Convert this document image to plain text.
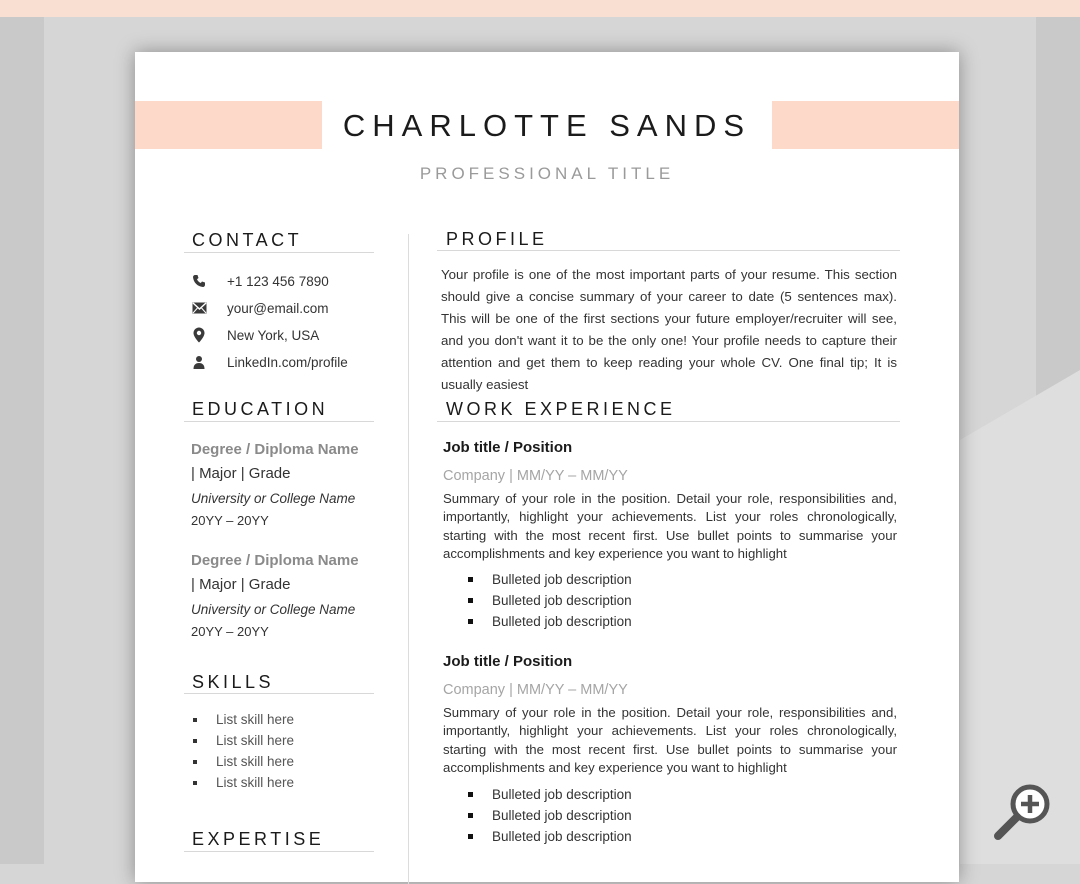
CHARLOTTE SANDS
PROFESSIONAL TITLE
CONTACT
+1 123 456 7890
your@email.com
New York, USA
LinkedIn.com/profile
EDUCATION
Degree / Diploma Name
| Major | Grade
University or College Name
20YY – 20YY
Degree / Diploma Name
| Major | Grade
University or College Name
20YY – 20YY
SKILLS
List skill here
List skill here
List skill here
List skill here
EXPERTISE
PROFILE
Your profile is one of the most important parts of your resume. This section should give a concise summary of your career to date (5 sentences max). This will be one of the first sections your future employer/recruiter will see, and you don't want it to be the only one! Your profile needs to capture their attention and get them to keep reading your whole CV. One final tip; It is usually easiest
WORK EXPERIENCE
Job title / Position
Company | MM/YY – MM/YY
Summary of your role in the position. Detail your role, responsibilities and, importantly, highlight your achievements. List your roles chronologically, starting with the most recent first. Use bullet points to summarise your accomplishments and key experience you want to highlight
Bulleted job description
Bulleted job description
Bulleted job description
Job title / Position
Company | MM/YY – MM/YY
Summary of your role in the position. Detail your role, responsibilities and, importantly, highlight your achievements. List your roles chronologically, starting with the most recent first. Use bullet points to summarise your accomplishments and key experience you want to highlight
Bulleted job description
Bulleted job description
Bulleted job description
